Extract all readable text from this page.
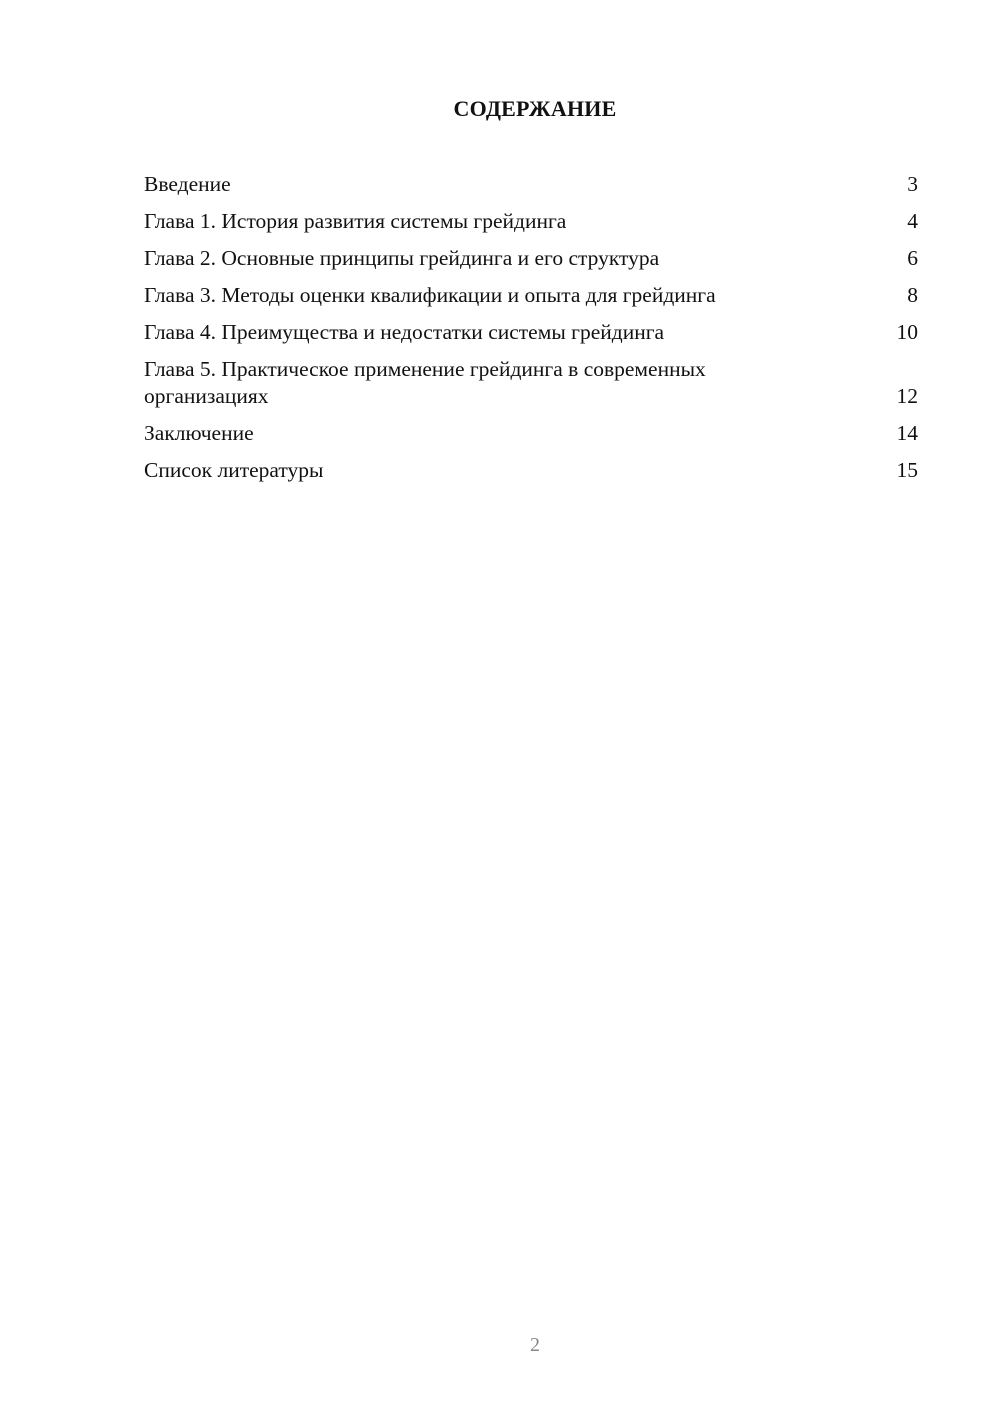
СОДЕРЖАНИЕ
Введение	3
Глава 1. История развития системы грейдинга	4
Глава 2. Основные принципы грейдинга и его структура	6
Глава 3. Методы оценки квалификации и опыта для грейдинга	8
Глава 4. Преимущества и недостатки системы грейдинга	10
Глава 5. Практическое применение грейдинга в современных организациях	12
Заключение	14
Список литературы	15
2
